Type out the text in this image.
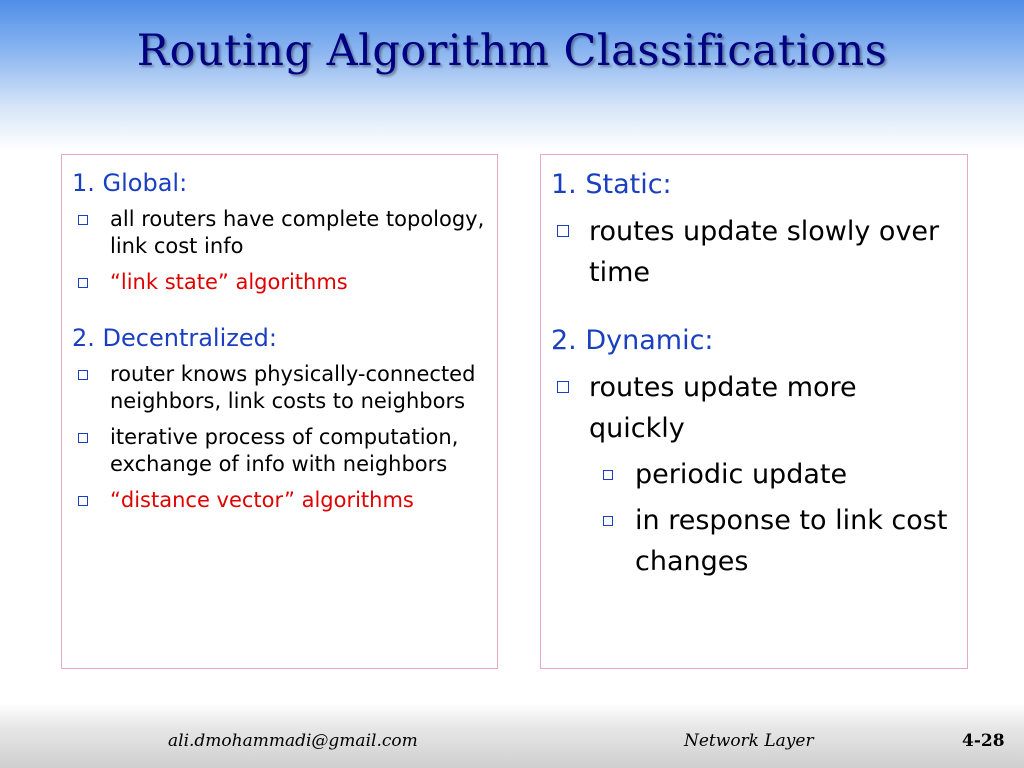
Routing Algorithm Classifications
1. Global:
all routers have complete topology, link cost info
“link state” algorithms
2. Decentralized:
router knows physically-connected neighbors, link costs to neighbors
iterative process of computation, exchange of info with neighbors
“distance vector” algorithms
1. Static:
routes update slowly over time
2. Dynamic:
routes update more quickly
periodic update
in response to link cost changes
ali.dmohammadi@gmail.com	Network Layer	4-28
